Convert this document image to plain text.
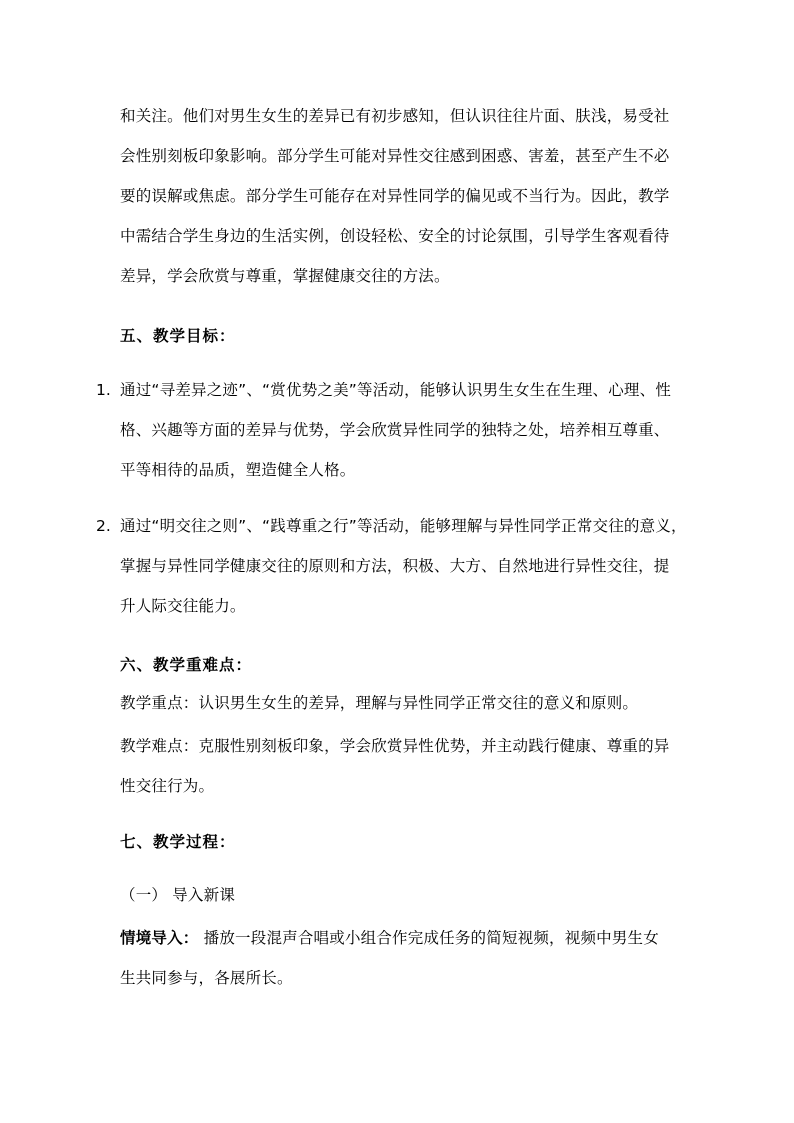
和关注。他们对男生女生的差异已有初步感知，但认识往往片面、肤浅，易受社
会性别刻板印象影响。部分学生可能对异性交往感到困惑、害羞，甚至产生不必
要的误解或焦虑。部分学生可能存在对异性同学的偏见或不当行为。因此，教学
中需结合学生身边的生活实例，创设轻松、安全的讨论氛围，引导学生客观看待
差异，学会欣赏与尊重，掌握健康交往的方法。
五、教学目标：
1. 通过“寻差异之迹”、“赏优势之美”等活动，能够认识男生女生在生理、心理、性
格、兴趣等方面的差异与优势，学会欣赏异性同学的独特之处，培养相互尊重、
平等相待的品质，塑造健全人格。
2. 通过“明交往之则”、“践尊重之行”等活动，能够理解与异性同学正常交往的意义，
掌握与异性同学健康交往的原则和方法，积极、大方、自然地进行异性交往，提
升人际交往能力。
六、教学重难点：
教学重点：认识男生女生的差异，理解与异性同学正常交往的意义和原则。
教学难点：克服性别刻板印象，学会欣赏异性优势，并主动践行健康、尊重的异
性交往行为。
七、教学过程：
（一） 导入新课
情境导入： 播放一段混声合唱或小组合作完成任务的简短视频，视频中男生女
生共同参与，各展所长。
